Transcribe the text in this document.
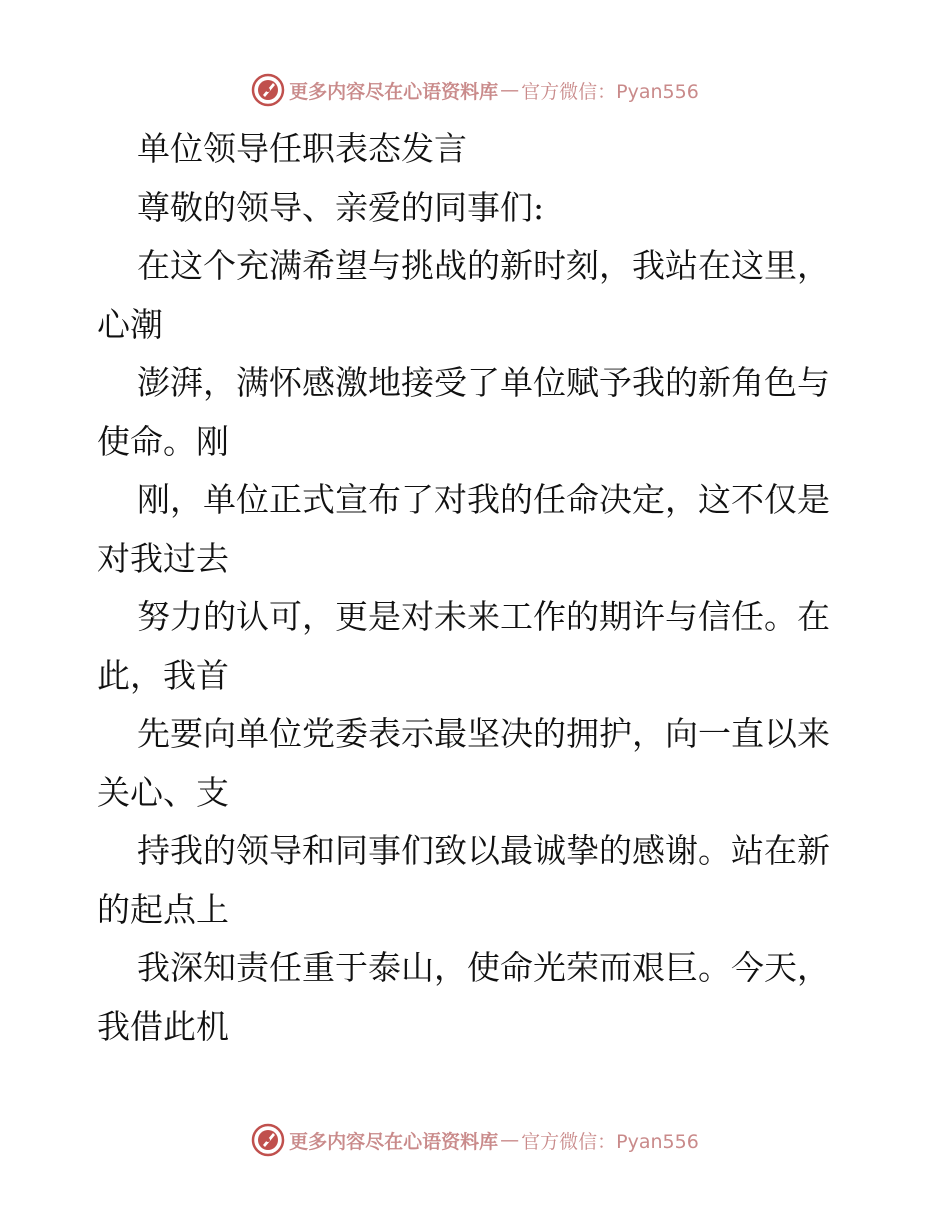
更多内容尽在心语资料库 — 官方微信：Pyan556
单位领导任职表态发言
尊敬的领导、亲爱的同事们:
在这个充满希望与挑战的新时刻，我站在这里，
心潮
澎湃，满怀感激地接受了单位赋予我的新角色与
使命。刚
刚，单位正式宣布了对我的任命决定，这不仅是
对我过去
努力的认可，更是对未来工作的期许与信任。在
此，我首
先要向单位党委表示最坚决的拥护，向一直以来
关心、支
持我的领导和同事们致以最诚挚的感谢。站在新
的起点上
我深知责任重于泰山，使命光荣而艰巨。今天，
我借此机
更多内容尽在心语资料库 — 官方微信：Pyan556
